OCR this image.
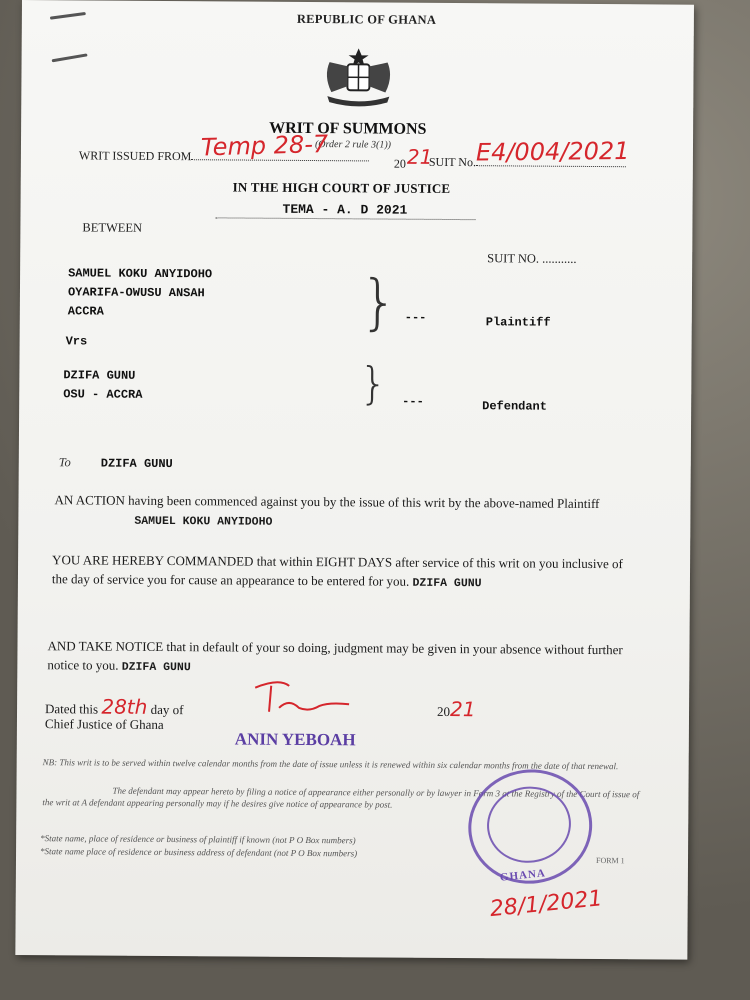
REPUBLIC OF GHANA
WRIT OF SUMMONS
(Order 2 rule 3(1))
WRIT ISSUED FROM Temp 28-7
20 21
SUIT No. E4/004/2021
IN THE HIGH COURT OF JUSTICE
TEMA - A. D 2021
BETWEEN
SUIT NO. ...........
SAMUEL KOKU ANYIDOHO
OYARIFA-OWUSU ANSAH
ACCRA	} ---	Plaintiff
Vrs
DZIFA GUNU
OSU - ACCRA	} ---	Defendant
To DZIFA GUNU
AN ACTION having been commenced against you by the issue of this writ by the above-named Plaintiff SAMUEL KOKU ANYIDOHO
YOU ARE HEREBY COMMANDED that within EIGHT DAYS after service of this writ on you inclusive of the day of service you for cause an appearance to be entered for you. DZIFA GUNU
AND TAKE NOTICE that in default of your so doing, judgment may be given in your absence without further notice to you. DZIFA GUNU
Dated this 28th day of	2021
Chief Justice of Ghana
ANIN YEBOAH
NB: This writ is to be served within twelve calendar months from the date of issue unless it is renewed within six calendar months from the date of that renewal.
The defendant may appear hereto by filing a notice of appearance either personally or by lawyer in Form 3 at the Registry of the Court of issue of the writ at A defendant appearing personally may if he desires give notice of appearance by post.
*State name, place of residence or business of plaintiff if known (not P O Box numbers)
*State name place of residence or business address of defendant (not P O Box numbers)
FORM 1
GHANA
28/1/2021
